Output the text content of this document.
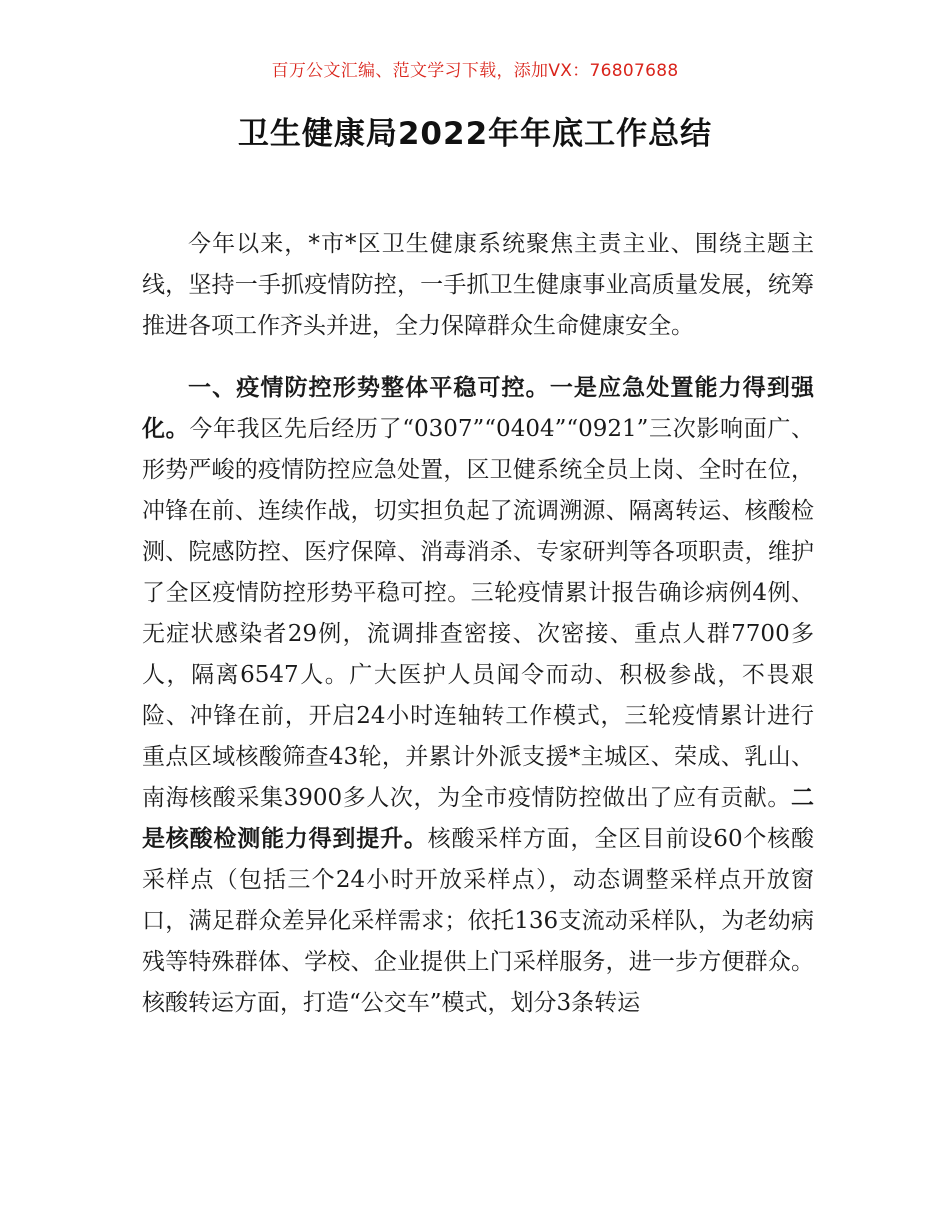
百万公文汇编、范文学习下载，添加VX：76807688
卫生健康局2022年年底工作总结

今年以来，*市*区卫生健康系统聚焦主责主业、围绕主题主线，坚持一手抓疫情防控，一手抓卫生健康事业高质量发展，统筹推进各项工作齐头并进，全力保障群众生命健康安全。

一、疫情防控形势整体平稳可控。一是应急处置能力得到强化。今年我区先后经历了“0307”“0404”“0921”三次影响面广、形势严峻的疫情防控应急处置，区卫健系统全员上岗、全时在位，冲锋在前、连续作战，切实担负起了流调溯源、隔离转运、核酸检测、院感防控、医疗保障、消毒消杀、专家研判等各项职责，维护了全区疫情防控形势平稳可控。三轮疫情累计报告确诊病例4例、无症状感染者29例，流调排查密接、次密接、重点人群7700多人，隔离6547人。广大医护人员闻令而动、积极参战，不畏艰险、冲锋在前，开启24小时连轴转工作模式，三轮疫情累计进行重点区域核酸筛查43轮，并累计外派支援*主城区、荣成、乳山、南海核酸采集3900多人次，为全市疫情防控做出了应有贡献。二是核酸检测能力得到提升。核酸采样方面，全区目前设60个核酸采样点（包括三个24小时开放采样点），动态调整采样点开放窗口，满足群众差异化采样需求；依托136支流动采样队，为老幼病残等特殊群体、学校、企业提供上门采样服务，进一步方便群众。核酸转运方面，打造“公交车”模式，划分3条转运
